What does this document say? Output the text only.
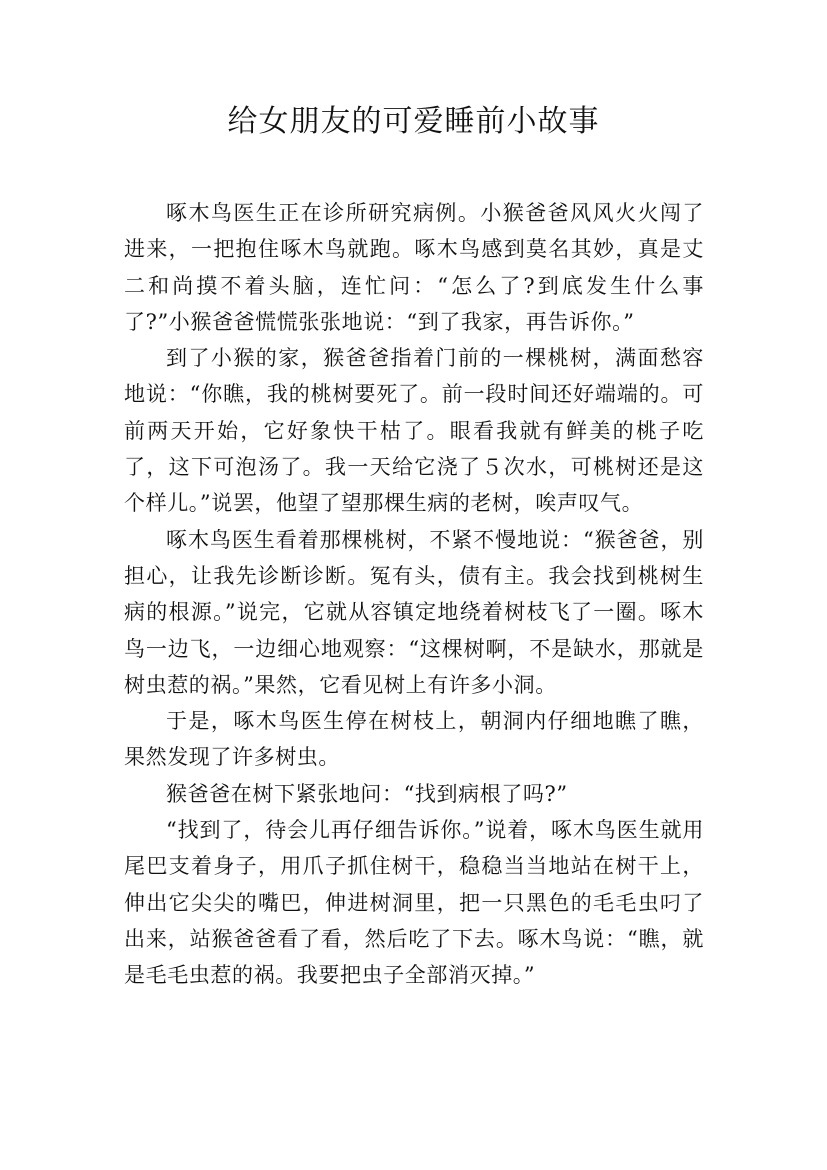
给女朋友的可爱睡前小故事

啄木鸟医生正在诊所研究病例。小猴爸爸风风火火闯了进来，一把抱住啄木鸟就跑。啄木鸟感到莫名其妙，真是丈二和尚摸不着头脑，连忙问：“怎么了?到底发生什么事了?”小猴爸爸慌慌张张地说：“到了我家，再告诉你。”

到了小猴的家，猴爸爸指着门前的一棵桃树，满面愁容地说：“你瞧，我的桃树要死了。前一段时间还好端端的。可前两天开始，它好象快干枯了。眼看我就有鲜美的桃子吃了，这下可泡汤了。我一天给它浇了５次水，可桃树还是这个样儿。”说罢，他望了望那棵生病的老树，唉声叹气。

啄木鸟医生看着那棵桃树，不紧不慢地说：“猴爸爸，别担心，让我先诊断诊断。冤有头，债有主。我会找到桃树生病的根源。”说完，它就从容镇定地绕着树枝飞了一圈。啄木鸟一边飞，一边细心地观察：“这棵树啊，不是缺水，那就是树虫惹的祸。”果然，它看见树上有许多小洞。

于是，啄木鸟医生停在树枝上，朝洞内仔细地瞧了瞧，果然发现了许多树虫。

猴爸爸在树下紧张地问：“找到病根了吗?”

“找到了，待会儿再仔细告诉你。”说着，啄木鸟医生就用尾巴支着身子，用爪子抓住树干，稳稳当当地站在树干上，伸出它尖尖的嘴巴，伸进树洞里，把一只黑色的毛毛虫叼了出来，站猴爸爸看了看，然后吃了下去。啄木鸟说：“瞧，就是毛毛虫惹的祸。我要把虫子全部消灭掉。”
